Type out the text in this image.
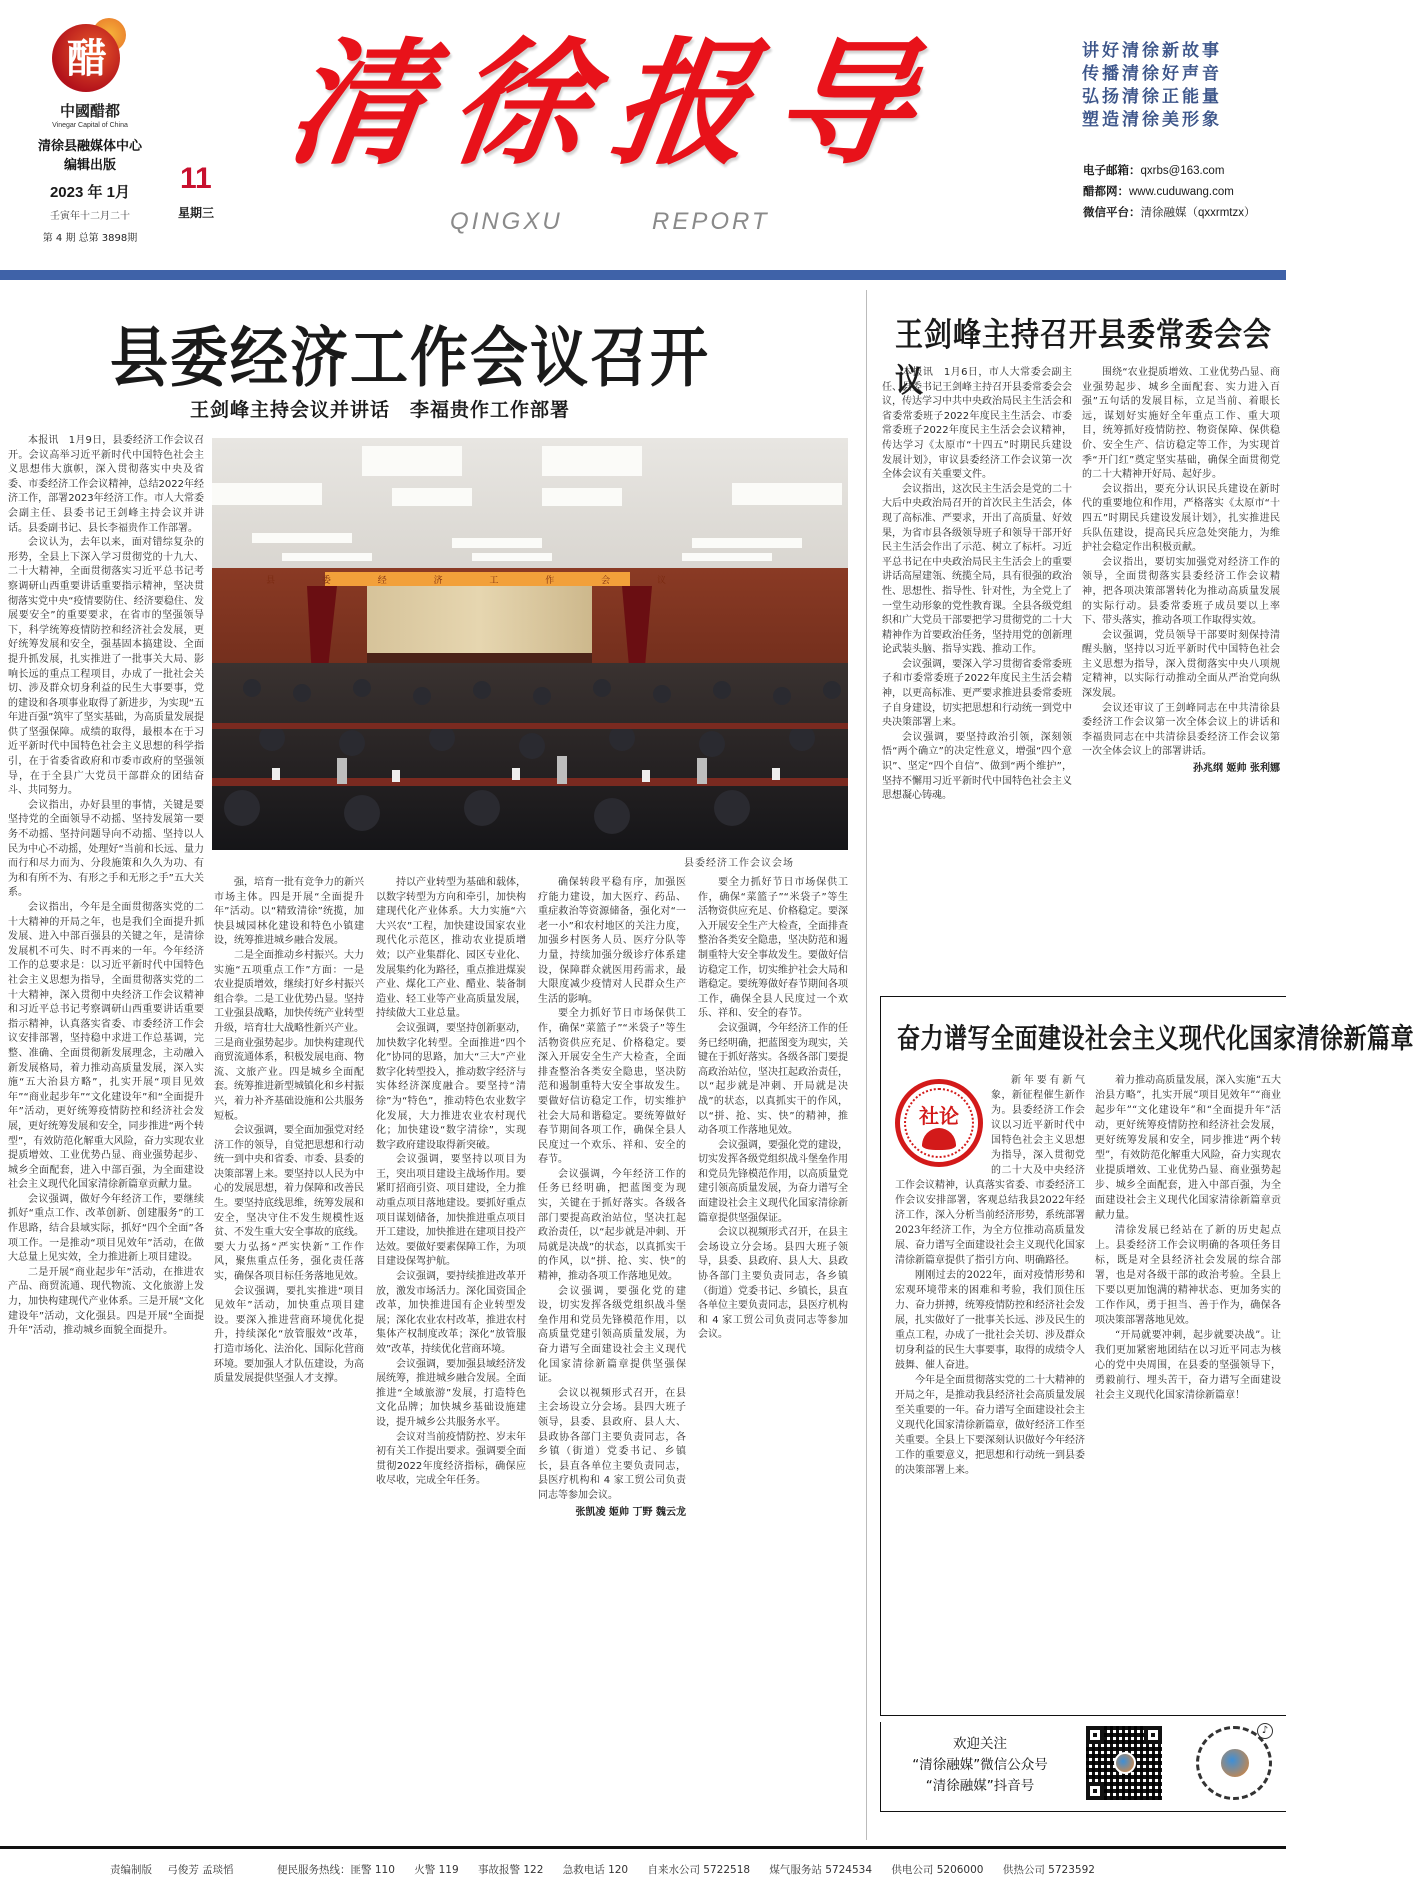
醋
中國醋都
Vinegar Capital of China
清徐县融媒体中心
编辑出版
2023 年 1月
壬寅年十二月二十
第 4 期 总第 3898期
11
星期三
清徐报导
QINGXU	REPORT
讲好清徐新故事
传播清徐好声音
弘扬清徐正能量
塑造清徐美形象
电子邮箱：qxrbs@163.com
醋都网：www.cuduwang.com
微信平台：清徐融媒（qxxrmtzx）
县委经济工作会议召开
王剑峰主持会议并讲话　李福贵作工作部署

本报讯　1月9日，县委经济工作会议召开。会议高举习近平新时代中国特色社会主义思想伟大旗帜，深入贯彻落实中央及省委、市委经济工作会议精神，总结2022年经济工作，部署2023年经济工作。市人大常委会副主任、县委书记王剑峰主持会议并讲话。县委副书记、县长李福贵作工作部署。

会议认为，去年以来，面对错综复杂的形势，全县上下深入学习贯彻党的十九大、二十大精神，全面贯彻落实习近平总书记考察调研山西重要讲话重要指示精神，坚决贯彻落实党中央“疫情要防住、经济要稳住、发展要安全”的重要要求，在省市的坚强领导下，科学统筹疫情防控和经济社会发展，更好统筹发展和安全，强基固本搞建设、全面提升抓发展，扎实推进了一批事关大局、影响长远的重点工程项目，办成了一批社会关切、涉及群众切身利益的民生大事要事，党的建设和各项事业取得了新进步，为实现“五年进百强”筑牢了坚实基础，为高质量发展提供了坚强保障。成绩的取得，最根本在于习近平新时代中国特色社会主义思想的科学指引，在于省委省政府和市委市政府的坚强领导，在于全县广大党员干部群众的团结奋斗、共同努力。

会议指出，办好县里的事情，关键是要坚持党的全面领导不动摇、坚持发展第一要务不动摇、坚持问题导向不动摇、坚持以人民为中心不动摇，处理好“当前和长远、量力而行和尽力而为、分段施策和久久为功、有为和有所不为、有形之手和无形之手”五大关系。

会议指出，今年是全面贯彻落实党的二十大精神的开局之年，也是我们全面提升抓发展、进入中部百强县的关键之年，是清徐发展机不可失、时不再来的一年。今年经济工作的总要求是：以习近平新时代中国特色社会主义思想为指导，全面贯彻落实党的二十大精神，深入贯彻中央经济工作会议精神和习近平总书记考察调研山西重要讲话重要指示精神，认真落实省委、市委经济工作会议安排部署，坚持稳中求进工作总基调，完整、准确、全面贯彻新发展理念，主动融入新发展格局，着力推动高质量发展，深入实施“五大治县方略”，扎实开展“项目见效年”“商业起步年”“文化建设年”和“全面提升年”活动，更好统筹疫情防控和经济社会发展，更好统筹发展和安全，同步推进“两个转型”，有效防范化解重大风险，奋力实现农业提质增效、工业优势凸显、商业强势起步、城乡全面配套，进入中部百强，为全面建设社会主义现代化国家清徐新篇章贡献力量。

会议强调，做好今年经济工作，要继续抓好“重点工作、改革创新、创建服务”的工作思路，结合县域实际，抓好“四个全面”各项工作。一是推动“项目见效年”活动，在做大总量上见实效，全力推进新上项目建设。

二是开展“商业起步年”活动，在推进农产品、商贸流通、现代物流、文化旅游上发力，加快构建现代产业体系。三是开展“文化建设年”活动，文化强县。四是开展“全面提升年”活动，推动城乡面貌全面提升。

县 委 经 济 工 作 会 议
县委经济工作会议会场

强，培育一批有竞争力的新兴市场主体。四是开展“全面提升年”活动。以“精致清徐”统揽，加快县城园林化建设和特色小镇建设，统筹推进城乡融合发展。

二是全面推动乡村振兴。大力实施“五项重点工作”方面：一是农业提质增效，继续打好乡村振兴组合拳。二是工业优势凸显。坚持工业强县战略，加快传统产业转型升级，培育壮大战略性新兴产业。三是商业强势起步。加快构建现代商贸流通体系，积极发展电商、物流、文旅产业。四是城乡全面配套。统筹推进新型城镇化和乡村振兴，着力补齐基础设施和公共服务短板。

会议强调，要全面加强党对经济工作的领导，自觉把思想和行动统一到中央和省委、市委、县委的决策部署上来。要坚持以人民为中心的发展思想，着力保障和改善民生。要坚持底线思维，统筹发展和安全，坚决守住不发生规模性返贫、不发生重大安全事故的底线。要大力弘扬“严实快新”工作作风，聚焦重点任务，强化责任落实，确保各项目标任务落地见效。

会议强调，要扎实推进“项目见效年”活动，加快重点项目建设。要深入推进营商环境优化提升，持续深化“放管服效”改革，打造市场化、法治化、国际化营商环境。要加强人才队伍建设，为高质量发展提供坚强人才支撑。

持以产业转型为基础和载体，以数字转型为方向和牵引，加快构建现代化产业体系。大力实施“六大兴农”工程，加快建设国家农业现代化示范区，推动农业提质增效；以产业集群化、园区专业化、发展集约化为路径，重点推进煤炭产业、煤化工产业、醋业、装备制造业、轻工业等产业高质量发展，持续做大工业总量。

会议强调，要坚持创新驱动，加快数字化转型。全面推进“四个化”协同的思路，加大“三大”产业数字化转型投入，推动数字经济与实体经济深度融合。要坚持“清徐”为“特色”，推动特色农业数字化发展，大力推进农业农村现代化；加快建设“数字清徐”，实现数字政府建设取得新突破。

会议强调，要坚持以项目为王，突出项目建设主战场作用。要紧盯招商引资、项目建设，全力推动重点项目落地建设。要抓好重点项目谋划储备，加快推进重点项目开工建设，加快推进在建项目投产达效。要做好要素保障工作，为项目建设保驾护航。

会议强调，要持续推进改革开放，激发市场活力。深化国资国企改革，加快推进国有企业转型发展；深化农业农村改革，推进农村集体产权制度改革；深化“放管服效”改革，持续优化营商环境。

会议强调，要加强县域经济发展统筹，推进城乡融合发展。全面推进“全域旅游”发展，打造特色文化品牌；加快城乡基础设施建设，提升城乡公共服务水平。

会议对当前疫情防控、岁末年初有关工作提出要求。强调要全面贯彻2022年度经济指标，确保应收尽收，完成全年任务。

确保转段平稳有序，加强医疗能力建设，加大医疗、药品、重症救治等资源储备，强化对“一老一小”和农村地区的关注力度，加强乡村医务人员、医疗分队等力量，持续加强分级诊疗体系建设，保障群众就医用药需求，最大限度减少疫情对人民群众生产生活的影响。

要全力抓好节日市场保供工作，确保“菜篮子”“米袋子”等生活物资供应充足、价格稳定。要深入开展安全生产大检查，全面排查整治各类安全隐患，坚决防范和遏制重特大安全事故发生。要做好信访稳定工作，切实维护社会大局和谐稳定。要统筹做好春节期间各项工作，确保全县人民度过一个欢乐、祥和、安全的春节。

会议强调，今年经济工作的任务已经明确，把蓝图变为现实，关键在于抓好落实。各级各部门要提高政治站位，坚决扛起政治责任，以“起步就是冲刺、开局就是决战”的状态，以真抓实干的作风，以“拼、抢、实、快”的精神，推动各项工作落地见效。

会议强调，要强化党的建设，切实发挥各级党组织战斗堡垒作用和党员先锋模范作用，以高质量党建引领高质量发展，为奋力谱写全面建设社会主义现代化国家清徐新篇章提供坚强保证。

会议以视频形式召开，在县主会场设立分会场。县四大班子领导，县委、县政府、县人大、县政协各部门主要负责同志，各乡镇（街道）党委书记、乡镇长，县直各单位主要负责同志，县医疗机构和 4 家工贸公司负责同志等参加会议。

张凯凌 姬帅 丁野 魏云龙

要全力抓好节日市场保供工作，确保“菜篮子”“米袋子”等生活物资供应充足、价格稳定。要深入开展安全生产大检查，全面排查整治各类安全隐患，坚决防范和遏制重特大安全事故发生。要做好信访稳定工作，切实维护社会大局和谐稳定。要统筹做好春节期间各项工作，确保全县人民度过一个欢乐、祥和、安全的春节。

会议强调，今年经济工作的任务已经明确，把蓝图变为现实，关键在于抓好落实。各级各部门要提高政治站位，坚决扛起政治责任，以“起步就是冲刺、开局就是决战”的状态，以真抓实干的作风，以“拼、抢、实、快”的精神，推动各项工作落地见效。

会议强调，要强化党的建设，切实发挥各级党组织战斗堡垒作用和党员先锋模范作用，以高质量党建引领高质量发展，为奋力谱写全面建设社会主义现代化国家清徐新篇章提供坚强保证。

会议以视频形式召开，在县主会场设立分会场。县四大班子领导，县委、县政府、县人大、县政协各部门主要负责同志，各乡镇（街道）党委书记、乡镇长，县直各单位主要负责同志，县医疗机构和 4 家工贸公司负责同志等参加会议。

王剑峰主持召开县委常委会会议

本报讯　1月6日，市人大常委会副主任、县委书记王剑峰主持召开县委常委会会议，传达学习中共中央政治局民主生活会和省委常委班子2022年度民主生活会、市委常委班子2022年度民主生活会会议精神，传达学习《太原市“十四五”时期民兵建设发展计划》，审议县委经济工作会议第一次全体会议有关重要文件。

会议指出，这次民主生活会是党的二十大后中央政治局召开的首次民主生活会，体现了高标准、严要求，开出了高质量、好效果，为省市县各级领导班子和领导干部开好民主生活会作出了示范、树立了标杆。习近平总书记在中央政治局民主生活会上的重要讲话高屋建瓴、统揽全局，具有很强的政治性、思想性、指导性、针对性，为全党上了一堂生动形象的党性教育课。全县各级党组织和广大党员干部要把学习贯彻党的二十大精神作为首要政治任务，坚持用党的创新理论武装头脑、指导实践、推动工作。

会议强调，要深入学习贯彻省委常委班子和市委常委班子2022年度民主生活会精神，以更高标准、更严要求推进县委常委班子自身建设，切实把思想和行动统一到党中央决策部署上来。

会议强调，要坚持政治引领，深刻领悟“两个确立”的决定性意义，增强“四个意识”、坚定“四个自信”、做到“两个维护”，坚持不懈用习近平新时代中国特色社会主义思想凝心铸魂。

围绕“农业提质增效、工业优势凸显、商业强势起步、城乡全面配套、实力进入百强”五句话的发展目标，立足当前、着眼长远，谋划好实施好全年重点工作、重大项目，统筹抓好疫情防控、物资保障、保供稳价、安全生产、信访稳定等工作，为实现首季“开门红”奠定坚实基础，确保全面贯彻党的二十大精神开好局、起好步。

会议指出，要充分认识民兵建设在新时代的重要地位和作用，严格落实《太原市“十四五”时期民兵建设发展计划》，扎实推进民兵队伍建设，提高民兵应急处突能力，为维护社会稳定作出积极贡献。

会议指出，要切实加强党对经济工作的领导，全面贯彻落实县委经济工作会议精神，把各项决策部署转化为推动高质量发展的实际行动。县委常委班子成员要以上率下、带头落实，推动各项工作取得实效。

会议强调，党员领导干部要时刻保持清醒头脑，坚持以习近平新时代中国特色社会主义思想为指导，深入贯彻落实中央八项规定精神，以实际行动推动全面从严治党向纵深发展。

会议还审议了王剑峰同志在中共清徐县委经济工作会议第一次全体会议上的讲话和李福贵同志在中共清徐县委经济工作会议第一次全体会议上的部署讲话。

孙兆纲 姬帅 张利娜
奋力谱写全面建设社会主义现代化国家清徐新篇章
社论

新年要有新气象，新征程催生新作为。县委经济工作会议以习近平新时代中国特色社会主义思想为指导，深入贯彻党的二十大及中央经济工作会议精神，认真落实省委、市委经济工作会议安排部署，客观总结我县2022年经济工作，深入分析当前经济形势，系统部署2023年经济工作，为全方位推动高质量发展、奋力谱写全面建设社会主义现代化国家清徐新篇章提供了指引方向、明确路径。

刚刚过去的2022年，面对疫情形势和宏观环境带来的困难和考验，我们顶住压力、奋力拼搏，统筹疫情防控和经济社会发展，扎实做好了一批事关长远、涉及民生的重点工程，办成了一批社会关切、涉及群众切身利益的民生大事要事，取得的成绩令人鼓舞、催人奋进。

今年是全面贯彻落实党的二十大精神的开局之年，是推动我县经济社会高质量发展至关重要的一年。奋力谱写全面建设社会主义现代化国家清徐新篇章，做好经济工作至关重要。全县上下要深刻认识做好今年经济工作的重要意义，把思想和行动统一到县委的决策部署上来。

着力推动高质量发展，深入实施“五大治县方略”，扎实开展“项目见效年”“商业起步年”“文化建设年”和“全面提升年”活动，更好统筹疫情防控和经济社会发展，更好统筹发展和安全，同步推进“两个转型”，有效防范化解重大风险，奋力实现农业提质增效、工业优势凸显、商业强势起步、城乡全面配套，进入中部百强，为全面建设社会主义现代化国家清徐新篇章贡献力量。

清徐发展已经站在了新的历史起点上。县委经济工作会议明确的各项任务目标，既是对全县经济社会发展的综合部署，也是对各级干部的政治考验。全县上下要以更加饱满的精神状态、更加务实的工作作风，勇于担当、善于作为，确保各项决策部署落地见效。

“开局就要冲刺，起步就要决战”。让我们更加紧密地团结在以习近平同志为核心的党中央周围，在县委的坚强领导下，勇毅前行、埋头苦干，奋力谱写全面建设社会主义现代化国家清徐新篇章！

欢迎关注
“清徐融媒”微信公众号
“清徐融媒”抖音号
♪
责编制版 弓俊芳 孟琰慆	便民服务热线：匪警 110 火警 119 事故报警 122 急救电话 120 自来水公司 5722518 煤气服务站 5724534 供电公司 5206000 供热公司 5723592
